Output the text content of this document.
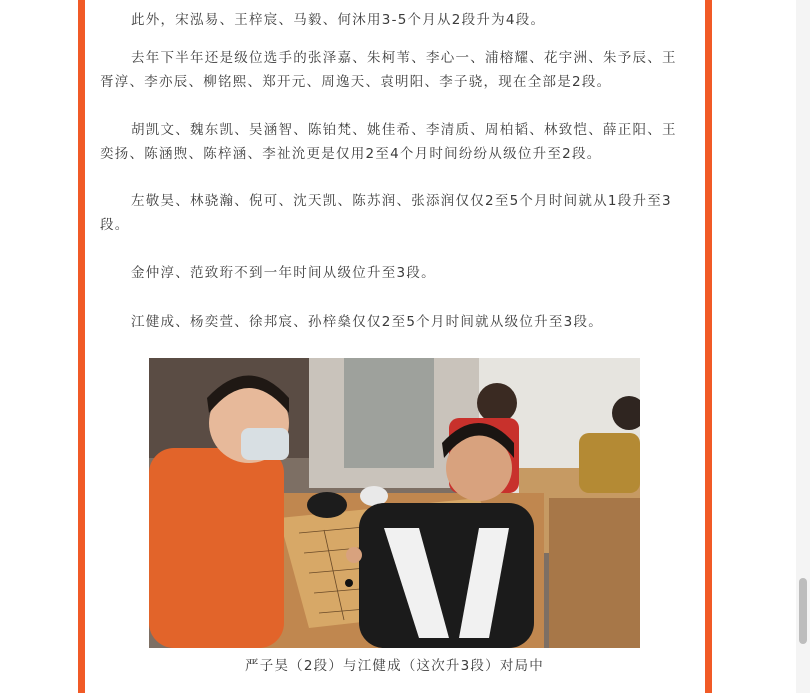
此外，宋泓易、王梓宸、马毅、何沐用3-5个月从2段升为4段。

去年下半年还是级位选手的张泽嘉、朱柯苇、李心一、浦榕耀、花宇洲、朱予辰、王胥淳、李亦辰、柳铭熙、郑开元、周逸天、袁明阳、李子骁，现在全部是2段。

胡凯文、魏东凯、吴涵智、陈铂梵、姚佳希、李清质、周柏韬、林致恺、薛正阳、王奕扬、陈涵煦、陈梓涵、李祉沇更是仅用2至4个月时间纷纷从级位升至2段。

左敬昊、林骁瀚、倪可、沈天凯、陈苏润、张添润仅仅2至5个月时间就从1段升至3段。

金仲淳、范致珩不到一年时间从级位升至3段。

江健成、杨奕萱、徐邦宸、孙梓燊仅仅2至5个月时间就从级位升至3段。

严子昊（2段）与江健成（这次升3段）对局中
